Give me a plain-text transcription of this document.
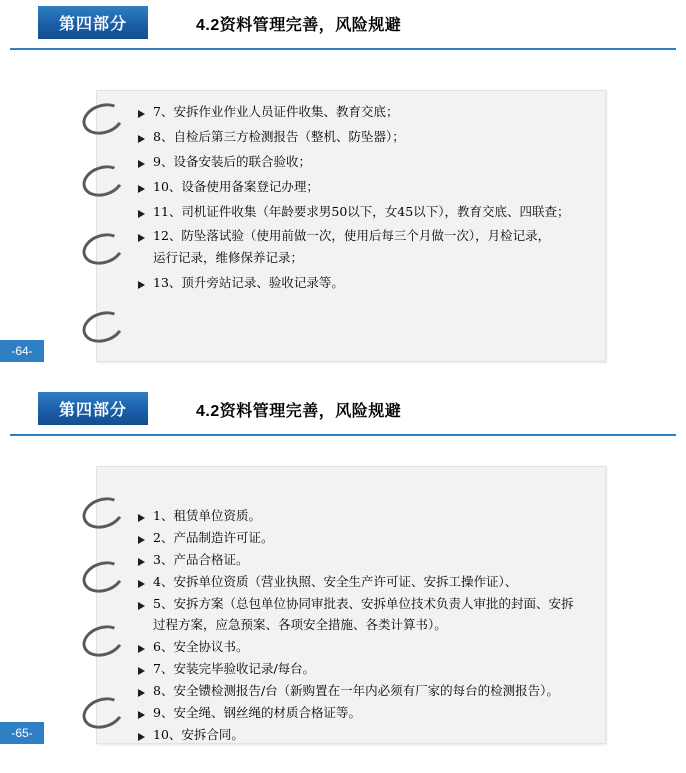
第四部分	4.2资料管理完善，风险规避
7、安拆作业作业人员证件收集、教育交底；
8、自检后第三方检测报告（整机、防坠器）；
9、设备安装后的联合验收；
10、设备使用备案登记办理；
11、司机证件收集（年龄要求男50以下，女45以下），教育交底、四联查；
12、防坠落试验（使用前做一次，使用后每三个月做一次），月检记录，
运行记录，维修保养记录；
13、顶升旁站记录、验收记录等。
-64-
第四部分	4.2资料管理完善，风险规避
1、租赁单位资质。
2、产品制造许可证。
3、产品合格证。
4、安拆单位资质（营业执照、安全生产许可证、安拆工操作证）、
5、安拆方案（总包单位协同审批表、安拆单位技术负责人审批的封面、安拆
过程方案，应急预案、各项安全措施、各类计算书）。
6、安全协议书。
7、安装完毕验收记录/每台。
8、安全镄检测报告/台（新购置在一年内必须有厂家的每台的检测报告）。
9、安全绳、钢丝绳的材质合格证等。
10、安拆合同。
-65-
